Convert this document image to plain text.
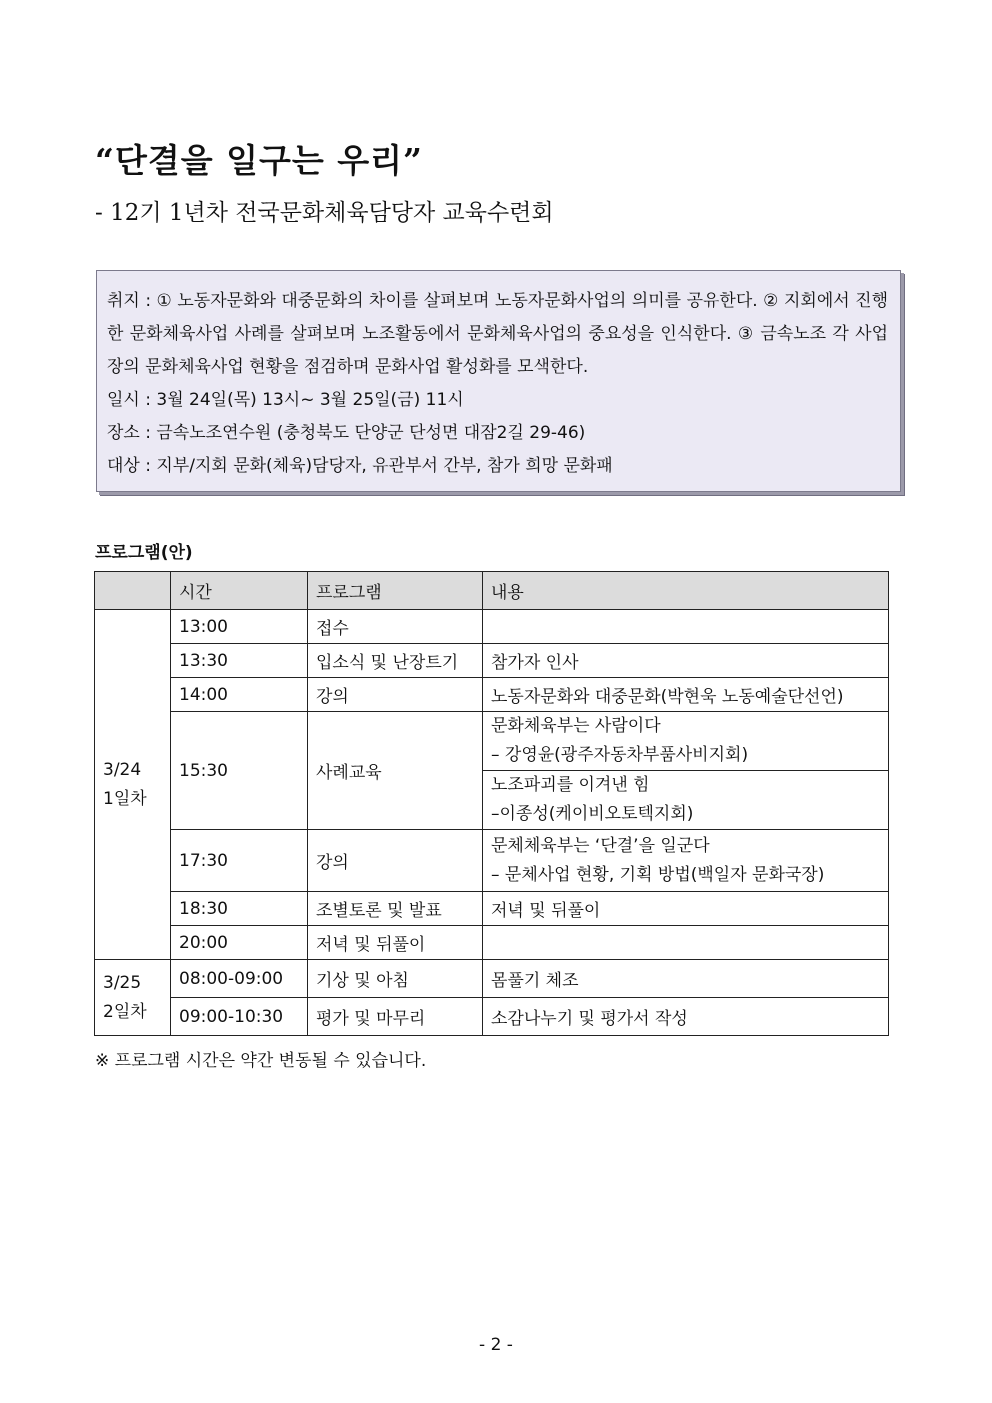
“단결을 일구는 우리”
- 12기 1년차 전국문화체육담당자 교육수련회

취지 : ① 노동자문화와 대중문화의 차이를 살펴보며 노동자문화사업의 의미를 공유한다. ② 지회에서 진행한 문화체육사업 사례를 살펴보며 노조활동에서 문화체육사업의 중요성을 인식한다. ③ 금속노조 각 사업장의 문화체육사업 현황을 점검하며 문화사업 활성화를 모색한다.

일시 : 3월 24일(목) 13시~ 3월 25일(금) 11시

장소 : 금속노조연수원 (충청북도 단양군 단성면 대잠2길 29-46)

대상 : 지부/지회 문화(체육)담당자, 유관부서 간부, 참가 희망 문화패

프로그램(안)
	시간	프로그램	내용

3/24
1일차	13:00	접수	
	13:30	입소식 및 난장트기	참가자 인사
	14:00	강의	노동자문화와 대중문화(박현욱 노동예술단선언)
	15:30	사례교육	문화체육부는 사람이다
– 강영윤(광주자동차부품사비지회)

			노조파괴를 이겨낸 힘
–이종성(케이비오토텍지회)

	17:30	강의	문체체육부는 ‘단결’을 일군다
– 문체사업 현황, 기획 방법(백일자 문화국장)

	18:30	조별토론 및 발표	저녁 및 뒤풀이
	20:00	저녁 및 뒤풀이	

3/25
2일차	08:00-09:00	기상 및 아침	몸풀기 체조
	09:00-10:30	평가 및 마무리	소감나누기 및 평가서 작성
※ 프로그램 시간은 약간 변동될 수 있습니다.
- 2 -
